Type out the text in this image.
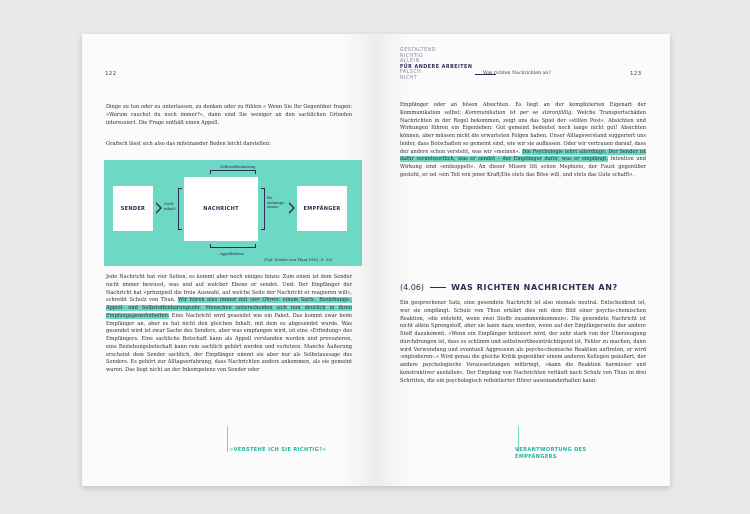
122

Dinge zu tun oder zu unterlassen, zu denken oder zu fühlen.« Wenn Sie Ihr Gegenüber fragen: »Warum rauchst du noch immer?«, dann sind Sie weniger an den sachlichen Gründen interessiert. Die Frage enthält einen Appell.

Grafisch lässt sich also das miteinander Reden leicht darstellen:

Selbstoffenbarung
SENDER
Sach-
inhalt	NACHRICHT
Be-
ziehungs-
ebene	EMPFÄNGER
Appellebene
(Vgl. Schulz von Thun 1981, S. 30)

Jede Nachricht hat vier Seiten, es kommt aber noch einiges hinzu: Zum einen ist dem Sender nicht immer bewusst, was und auf welcher Ebene er sendet. Und: Der Empfänger der Nachricht hat »prinzipiell die freie Auswahl, auf welche Seite der Nachricht er reagieren will«, schreibt Schulz von Thun. Wir hören also immer mit vier Ohren: einem Sach-, Beziehungs-, Appell- und Selbstoffenbarungsohr. Menschen unterscheiden sich nun deutlich in ihren Empfangsgewohnheiten. Eine Nachricht wird gesendet wie ein Paket. Das kommt zwar beim Empfänger an, aber es hat nicht den gleichen Inhalt, mit dem es abgesendet wurde. Was gesendet wird ist zwar Sache des Senders, aber was empfangen wird, ist eine »Erfindung« des Empfängers. Eine sachliche Botschaft kann als Appell verstanden werden und provozieren, eine Beziehungsbotschaft kann rein sachlich gehört werden und verletzen. Manche Äußerung erscheint dem Sender sachlich, der Empfänger nimmt sie aber nur als Selbstaussage des Senders. Es gehört zur Alltagserfahrung, dass Nachrichten anders ankommen, als sie gemeint waren. Das liegt nicht an der Inkompetenz von Sender oder

»VERSTEHE ICH SIE RICHTIG?«
GESTALTEND
RICHTIG
ALLEIN
FÜR ANDERE ARBEITEN
FALSCH
NICHT
Was richten Nachrichten an?	123

Empfänger oder an bösen Absichten. Es liegt an der komplizierten Eigenart der Kommunikation selbst: Kommunikation ist per se störanfällig. Welche Transportschäden Nachrichten in der Regel bekommen, zeigt uns das Spiel der »stillen Post«. Absichten und Wirkungen führen ein Eigenleben: Gut gemeint bedeutet noch lange nicht gut! Absichten können, aber müssen nicht die erwarteten Folgen haben. Unser Alltagsverstand suggeriert uns leider, dass Botschaften so gemeint sind, wie wir sie auffassen. Oder wir vertrauen darauf, dass der andere schon versteht, was wir »meinen«. Die Psychologie lehrt allerdings: Der Sender ist dafür verantwortlich, was er sendet – der Empfänger dafür, was er empfängt. Intention und Wirkung sind »entkoppelt«. An dieser Misere litt schon Mephisto, der Faust gegenüber gesteht, er sei »ein Teil von jener Kraft/Die stets das Böse will, und stets das Gute schafft«.

(4.06)	WAS RICHTEN NACHRICHTEN AN?

Ein gesprochener Satz, eine gesendete Nachricht ist also niemals neutral. Entscheidend ist, wer sie empfängt. Schulz von Thun erklärt dies mit dem Bild einer psycho-chemischen Reaktion, »die entsteht, wenn zwei Stoffe zusammenkommen«. Die gesendete Nachricht ist nicht allein Sprengstoff, aber sie kann dazu werden, wenn auf der Empfängerseite der andere Stoff dazukommt. »Wenn ein Empfänger kritisiert wird, der sehr stark von der Überzeugung durchdrungen ist, dass es schlimm und selbstwertbeeinträchtigend ist, Fehler zu machen, dann wird Verwundung und eventuell Aggression als psycho-chemische Reaktion auftreten, er wird ›explodieren‹.« Wird genau die gleiche Kritik gegenüber einem anderen Kollegen geäußert, der andere psychologische Voraussetzungen mitbringt, »kann die Reaktion harmloser und konstruktiver ausfallen«. Der Empfang von Nachrichten verläuft nach Schulz von Thun in drei Schritten, die ein psychologisch reflektierter Hörer auseinanderhalten kann:

VERANTWORTUNG DES
EMPFÄNGERS
